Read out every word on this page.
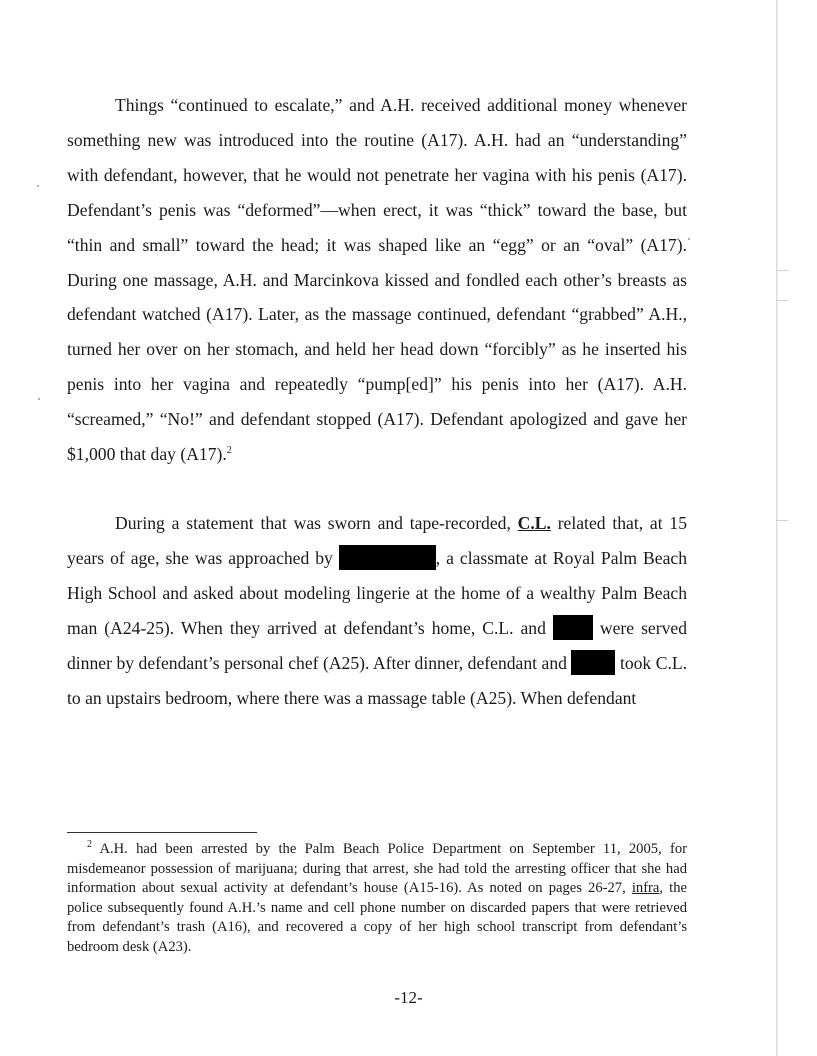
Things “continued to escalate,” and A.H. received additional money whenever something new was introduced into the routine (A17). A.H. had an “understanding” with defendant, however, that he would not penetrate her vagina with his penis (A17). Defendant’s penis was “deformed”—when erect, it was “thick” toward the base, but “thin and small” toward the head; it was shaped like an “egg” or an “oval” (A17). During one massage, A.H. and Marcinkova kissed and fondled each other’s breasts as defendant watched (A17). Later, as the massage continued, defendant “grabbed” A.H., turned her over on her stomach, and held her head down “forcibly” as he inserted his penis into her vagina and repeatedly “pump[ed]” his penis into her (A17). A.H. “screamed,” “No!” and defendant stopped (A17). Defendant apologized and gave her $1,000 that day (A17).$^2$

During a statement that was sworn and tape-recorded, C.L. related that, at 15 years of age, she was approached by	, a classmate at Royal Palm Beach High School and asked about modeling lingerie at the home of a wealthy Palm Beach man (A24-25). When they arrived at defendant’s home, C.L. and  were served dinner by defendant’s personal chef (A25). After dinner, defendant and	took C.L. to an upstairs bedroom, where there was a massage table (A25). When defendant

$^2$ A.H. had been arrested by the Palm Beach Police Department on September 11, 2005, for misdemeanor possession of marijuana; during that arrest, she had told the arresting officer that she had information about sexual activity at defendant’s house (A15-16). As noted on pages 26-27, infra, the police subsequently found A.H.’s name and cell phone number on discarded papers that were retrieved from defendant’s trash (A16), and recovered a copy of her high school transcript from defendant’s bedroom desk (A23).

-12-
